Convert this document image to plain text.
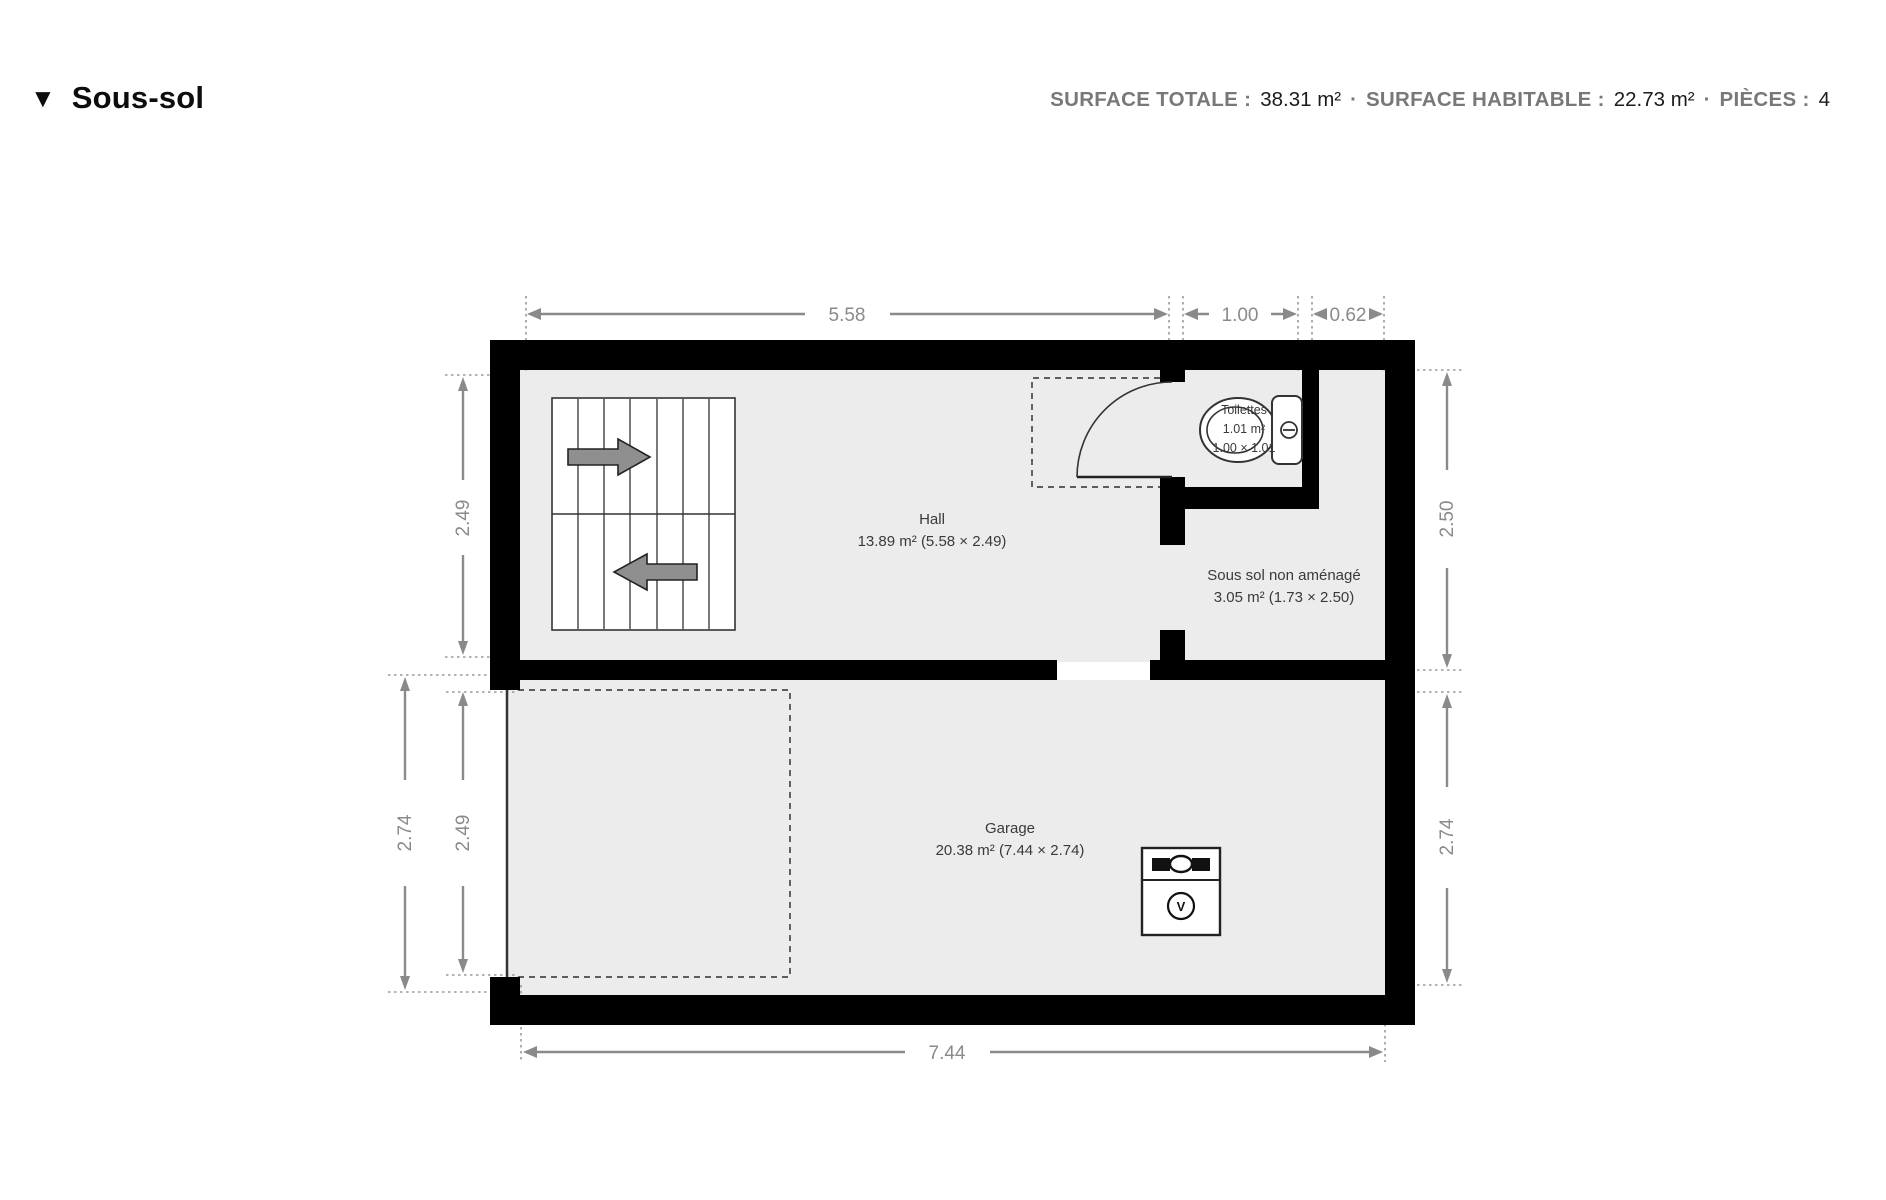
▼ Sous-sol	SURFACE TOTALE : 38.31 m² · SURFACE HABITABLE : 22.73 m² · PIÈCES : 4
V
5.58	1.00	0.62
2.49
2.74 2.49
2.50
2.74
7.44
Hall
13.89 m² (5.58 × 2.49)
Toilettes
1.01 m²
1.00 × 1.01
Sous sol non aménagé
3.05 m² (1.73 × 2.50)
Garage
20.38 m² (7.44 × 2.74)
